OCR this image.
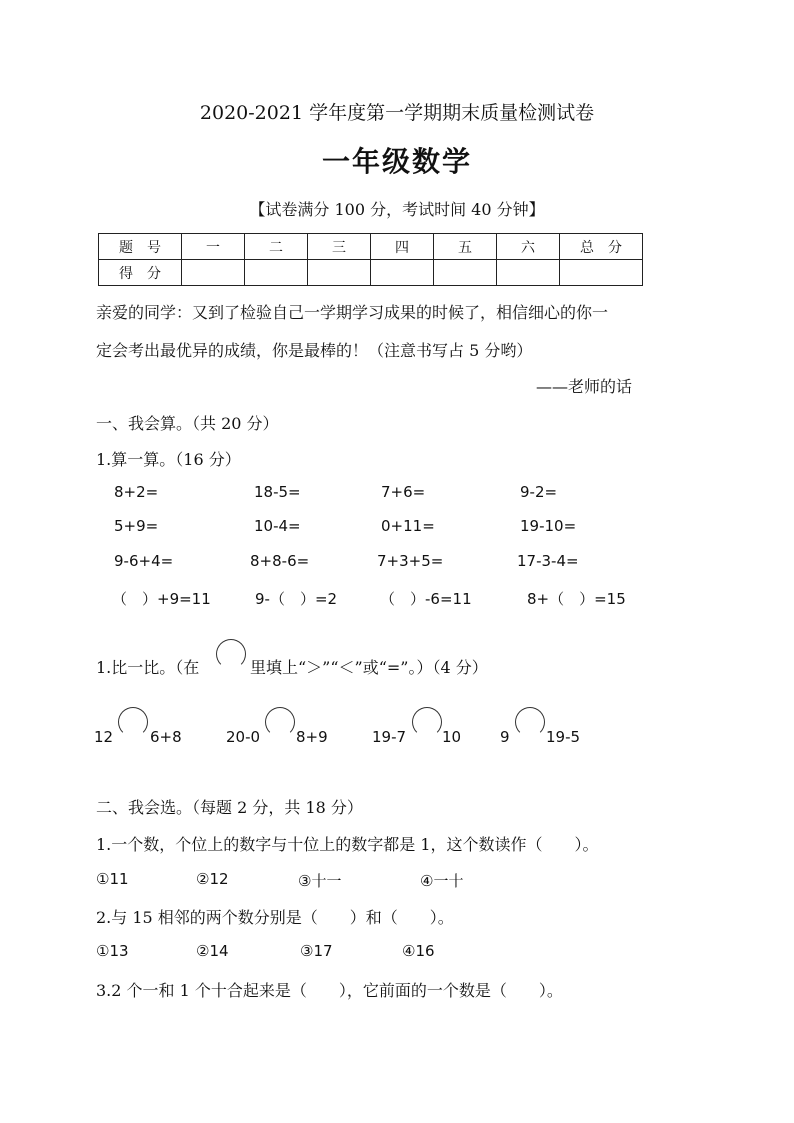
2020-2021 学年度第一学期期末质量检测试卷
一年级数学
【试卷满分 100 分，考试时间 40 分钟】
题　号	一	二	三	四	五	六	总　分
得　分							
亲爱的同学：又到了检验自己一学期学习成果的时候了，相信细心的你一
定会考出最优异的成绩，你是最棒的！（注意书写占 5 分哟）
——老师的话
一、我会算。（共 20 分）
1.算一算。（16 分）
8+2=	18-5=	7+6=	9-2=
5+9=	10-4=	0+11=	19-10=
9-6+4=	8+8-6=	7+3+5=	17-3-4=
（　）+9=11	9-（　）=2	（　）-6=11	8+（　）=15
1.比一比。（在	里填上“＞”“＜”或“=”。）（4 分）
12 6+8	20-0 8+9	19-7 10	9 19-5
二、我会选。（每题 2 分，共 18 分）
1.一个数，个位上的数字与十位上的数字都是 1，这个数读作（　　）。
①11	②12	③十一	④一十
2.与 15 相邻的两个数分别是（　　）和（　　）。
①13	②14	③17	④16
3.2 个一和 1 个十合起来是（　　），它前面的一个数是（　　）。
